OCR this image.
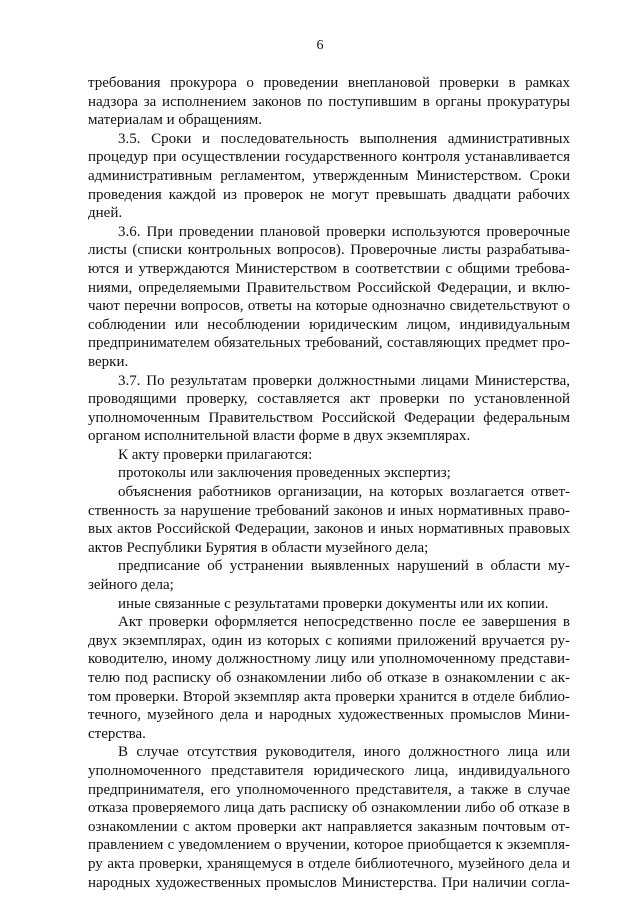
6
требования прокурора о проведении внеплановой проверки в рамках
надзора за исполнением законов по поступившим в органы прокуратуры
материалам и обращениям.
3.5. Сроки и последовательность выполнения административных
процедур при осуществлении государственного контроля устанавливается
административным регламентом, утвержденным Министерством. Сроки
проведения каждой из проверок не могут превышать двадцати рабочих
дней.
3.6. При проведении плановой проверки используются проверочные
листы (списки контрольных вопросов). Проверочные листы разрабатыва-
ются и утверждаются Министерством в соответствии с общими требова-
ниями, определяемыми Правительством Российской Федерации, и вклю-
чают перечни вопросов, ответы на которые однозначно свидетельствуют о
соблюдении или несоблюдении юридическим лицом, индивидуальным
предпринимателем обязательных требований, составляющих предмет про-
верки.
3.7. По результатам проверки должностными лицами Министерства,
проводящими проверку, составляется акт проверки по установленной
уполномоченным Правительством Российской Федерации федеральным
органом исполнительной власти форме в двух экземплярах.
К акту проверки прилагаются:
протоколы или заключения проведенных экспертиз;
объяснения работников организации, на которых возлагается ответ-
ственность за нарушение требований законов и иных нормативных право-
вых актов Российской Федерации, законов и иных нормативных правовых
актов Республики Бурятия в области музейного дела;
предписание об устранении выявленных нарушений в области му-
зейного дела;
иные связанные с результатами проверки документы или их копии.
Акт проверки оформляется непосредственно после ее завершения в
двух экземплярах, один из которых с копиями приложений вручается ру-
ководителю, иному должностному лицу или уполномоченному представи-
телю под расписку об ознакомлении либо об отказе в ознакомлении с ак-
том проверки. Второй экземпляр акта проверки хранится в отделе библио-
течного, музейного дела и народных художественных промыслов Мини-
стерства.
В случае отсутствия руководителя, иного должностного лица или
уполномоченного представителя юридического лица, индивидуального
предпринимателя, его уполномоченного представителя, а также в случае
отказа проверяемого лица дать расписку об ознакомлении либо об отказе в
ознакомлении с актом проверки акт направляется заказным почтовым от-
правлением с уведомлением о вручении, которое приобщается к экземпля-
ру акта проверки, хранящемуся в отделе библиотечного, музейного дела и
народных художественных промыслов Министерства. При наличии согла-
